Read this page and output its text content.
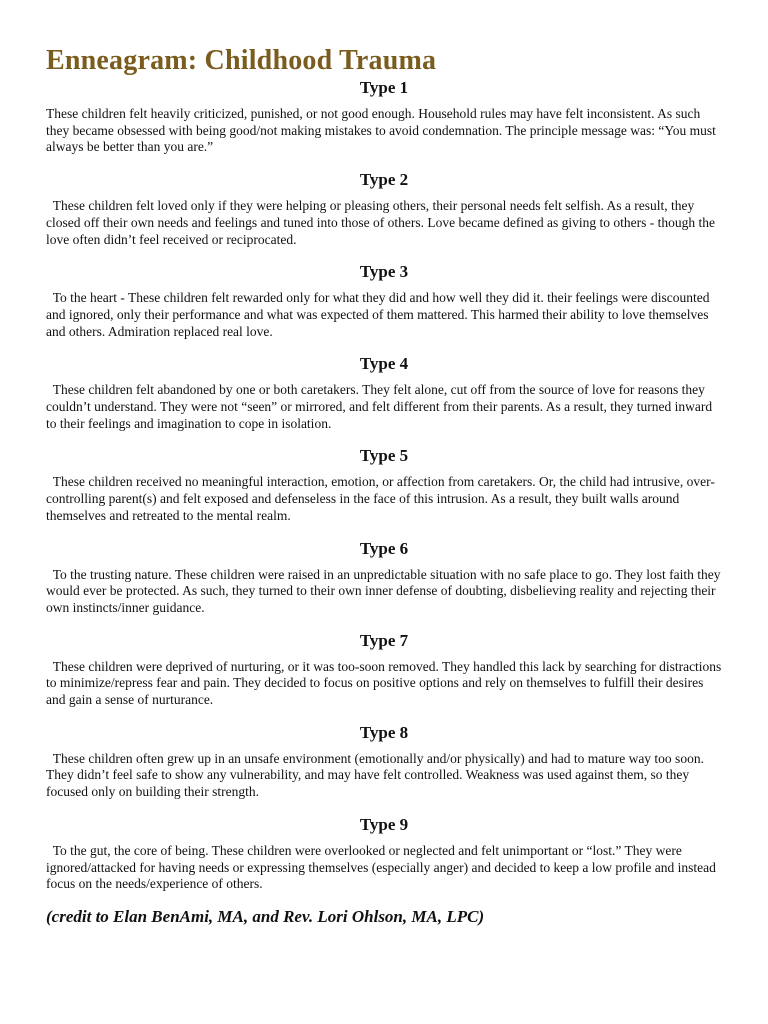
Enneagram: Childhood Trauma
Type 1

These children felt heavily criticized, punished, or not good enough. Household rules may have felt inconsistent. As such they became obsessed with being good/not making mistakes to avoid condemnation. The principle message was: “You must always be better than you are.”

Type 2

These children felt loved only if they were helping or pleasing others, their personal needs felt selfish. As a result, they closed off their own needs and feelings and tuned into those of others. Love became defined as giving to others - though the love often didn’t feel received or reciprocated.

Type 3

To the heart - These children felt rewarded only for what they did and how well they did it. their feelings were discounted and ignored, only their performance and what was expected of them mattered. This harmed their ability to love themselves and others. Admiration replaced real love.

Type 4

These children felt abandoned by one or both caretakers. They felt alone, cut off from the source of love for reasons they couldn’t understand. They were not “seen” or mirrored, and felt different from their parents. As a result, they turned inward to their feelings and imagination to cope in isolation.

Type 5

These children received no meaningful interaction, emotion, or affection from caretakers. Or, the child had intrusive, over-controlling parent(s) and felt exposed and defenseless in the face of this intrusion. As a result, they built walls around themselves and retreated to the mental realm.

Type 6

To the trusting nature. These children were raised in an unpredictable situation with no safe place to go. They lost faith they would ever be protected. As such, they turned to their own inner defense of doubting, disbelieving reality and rejecting their own instincts/inner guidance.

Type 7

These children were deprived of nurturing, or it was too-soon removed. They handled this lack by searching for distractions to minimize/repress fear and pain. They decided to focus on positive options and rely on themselves to fulfill their desires and gain a sense of nurturance.

Type 8

These children often grew up in an unsafe environment (emotionally and/or physically) and had to mature way too soon. They didn’t feel safe to show any vulnerability, and may have felt controlled. Weakness was used against them, so they focused only on building their strength.

Type 9

To the gut, the core of being. These children were overlooked or neglected and felt unimportant or “lost.” They were ignored/attacked for having needs or expressing themselves (especially anger) and decided to keep a low profile and instead focus on the needs/experience of others.

(credit to Elan BenAmi, MA, and Rev. Lori Ohlson, MA, LPC)
